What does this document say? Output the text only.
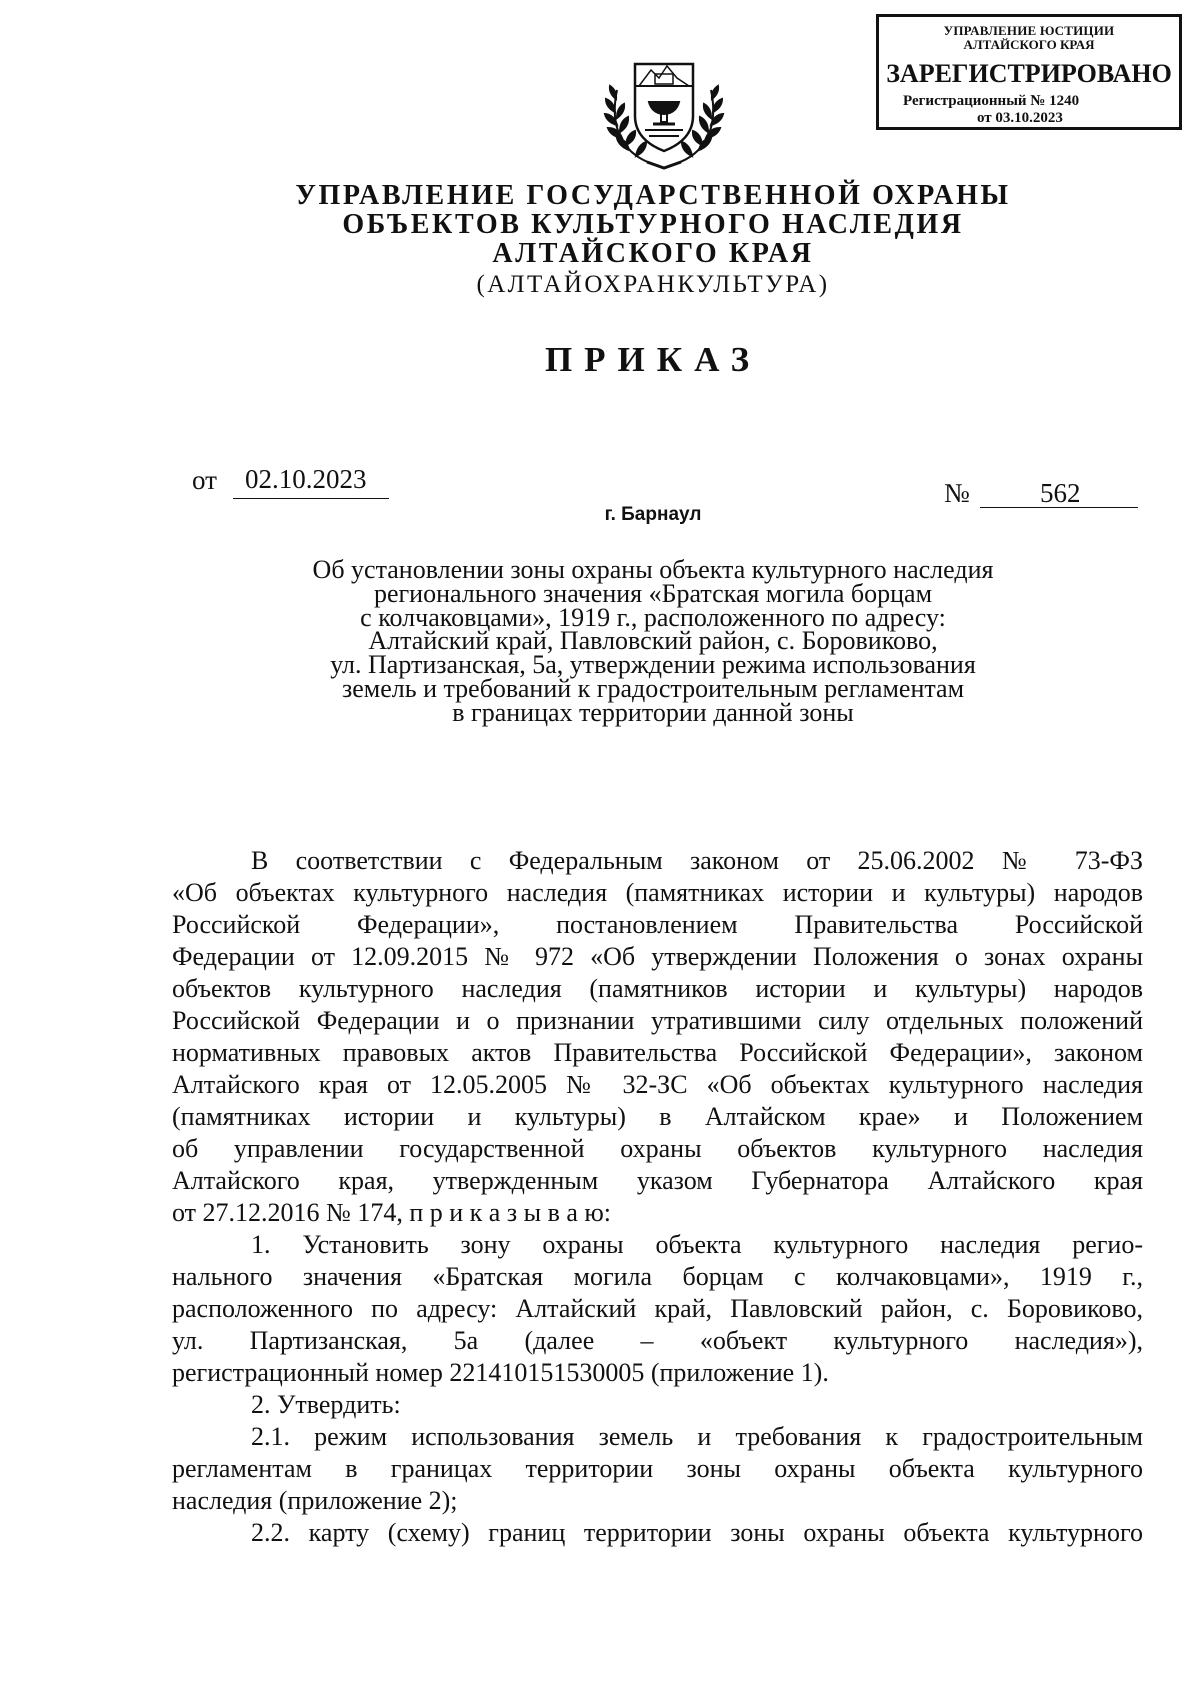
УПРАВЛЕНИЕ ЮСТИЦИИ
АЛТАЙСКОГО КРАЯ
ЗАРЕГИСТРИРОВАНО
Регистрационный № 1240
от 03.10.2023
УПРАВЛЕНИЕ ГОСУДАРСТВЕННОЙ ОХРАНЫ
ОБЪЕКТОВ КУЛЬТУРНОГО НАСЛЕДИЯ
АЛТАЙСКОГО КРАЯ
(АЛТАЙОХРАНКУЛЬТУРА)
ПРИКАЗ
от 02.10.2023	№	562
г. Барнаул
Об установлении зоны охраны объекта культурного наследия
регионального значения «Братская могила борцам
с колчаковцами», 1919 г., расположенного по адресу:
Алтайский край, Павловский район, с. Боровиково,
ул. Партизанская, 5а, утверждении режима использования
земель и требований к градостроительным регламентам
в границах территории данной зоны
В соответствии с Федеральным законом от 25.06.2002 № 73-ФЗ
«Об объектах культурного наследия (памятниках истории и культуры) народов
Российской Федерации», постановлением Правительства Российской
Федерации от 12.09.2015 № 972 «Об утверждении Положения о зонах охраны
объектов культурного наследия (памятников истории и культуры) народов
Российской Федерации и о признании утратившими силу отдельных положений
нормативных правовых актов Правительства Российской Федерации», законом
Алтайского края от 12.05.2005 № 32-ЗС «Об объектах культурного наследия
(памятниках истории и культуры) в Алтайском крае» и Положением
об управлении государственной охраны объектов культурного наследия
Алтайского края, утвержденным указом Губернатора Алтайского края
от 27.12.2016 № 174, п р и к а з ы в а ю:
1. Установить зону охраны объекта культурного наследия регио-
нального значения «Братская могила борцам с колчаковцами», 1919 г.,
расположенного по адресу: Алтайский край, Павловский район, с. Боровиково,
ул. Партизанская, 5а (далее – «объект культурного наследия»),
регистрационный номер 221410151530005 (приложение 1).
2. Утвердить:
2.1. режим использования земель и требования к градостроительным
регламентам в границах территории зоны охраны объекта культурного
наследия (приложение 2);
2.2. карту (схему) границ территории зоны охраны объекта культурного
